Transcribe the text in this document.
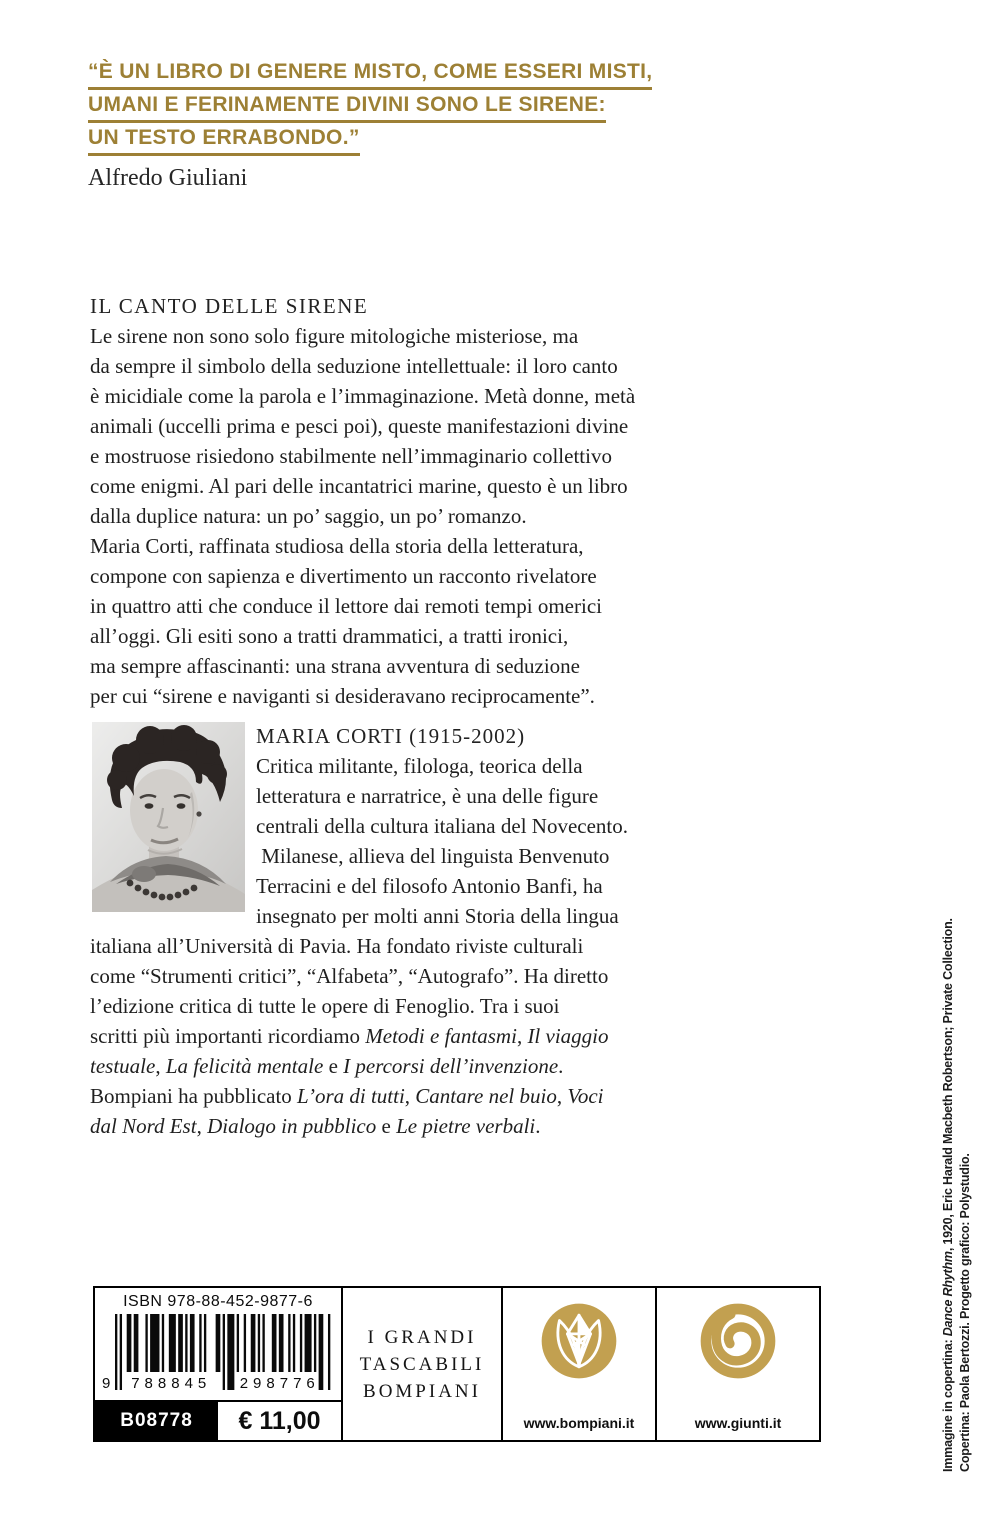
“È UN LIBRO DI GENERE MISTO, COME ESSERI MISTI,
UMANI E FERINAMENTE DIVINI SONO LE SIRENE:
UN TESTO ERRABONDO.”
Alfredo Giuliani
IL CANTO DELLE SIRENE
Le sirene non sono solo figure mitologiche misteriose, ma
da sempre il simbolo della seduzione intellettuale: il loro canto
è micidiale come la parola e l’immaginazione. Metà donne, metà
animali (uccelli prima e pesci poi), queste manifestazioni divine
e mostruose risiedono stabilmente nell’immaginario collettivo
come enigmi. Al pari delle incantatrici marine, questo è un libro
dalla duplice natura: un po’ saggio, un po’ romanzo.
Maria Corti, raffinata studiosa della storia della letteratura,
compone con sapienza e divertimento un racconto rivelatore
in quattro atti che conduce il lettore dai remoti tempi omerici
all’oggi. Gli esiti sono a tratti drammatici, a tratti ironici,
ma sempre affascinanti: una strana avventura di seduzione
per cui “sirene e naviganti si desideravano reciprocamente”.
MARIA CORTI (1915-2002)
Critica militante, filologa, teorica della
letteratura e narratrice, è una delle figure
centrali della cultura italiana del Novecento.
Milanese, allieva del linguista Benvenuto
Terracini e del filosofo Antonio Banfi, ha
insegnato per molti anni Storia della lingua
italiana all’Università di Pavia. Ha fondato riviste culturali
come “Strumenti critici”, “Alfabeta”, “Autografo”. Ha diretto
l’edizione critica di tutte le opere di Fenoglio. Tra i suoi
scritti più importanti ricordiamo Metodi e fantasmi, Il viaggio
testuale, La felicità mentale e I percorsi dell’invenzione.
Bompiani ha pubblicato L’ora di tutti, Cantare nel buio, Voci
dal Nord Est, Dialogo in pubblico e Le pietre verbali.
ISBN 978-88-452-9877-6
9	788845	298776
B08778	€ 11,00
I GRANDI
TASCABILI
BOMPIANI
www.bompiani.it	www.giunti.it	Immagine in copertina: Dance Rhythm, 1920, Eric Harald Macbeth Robertson; Private Collection.
Copertina: Paola Bertozzi. Progetto grafico: Polystudio.
